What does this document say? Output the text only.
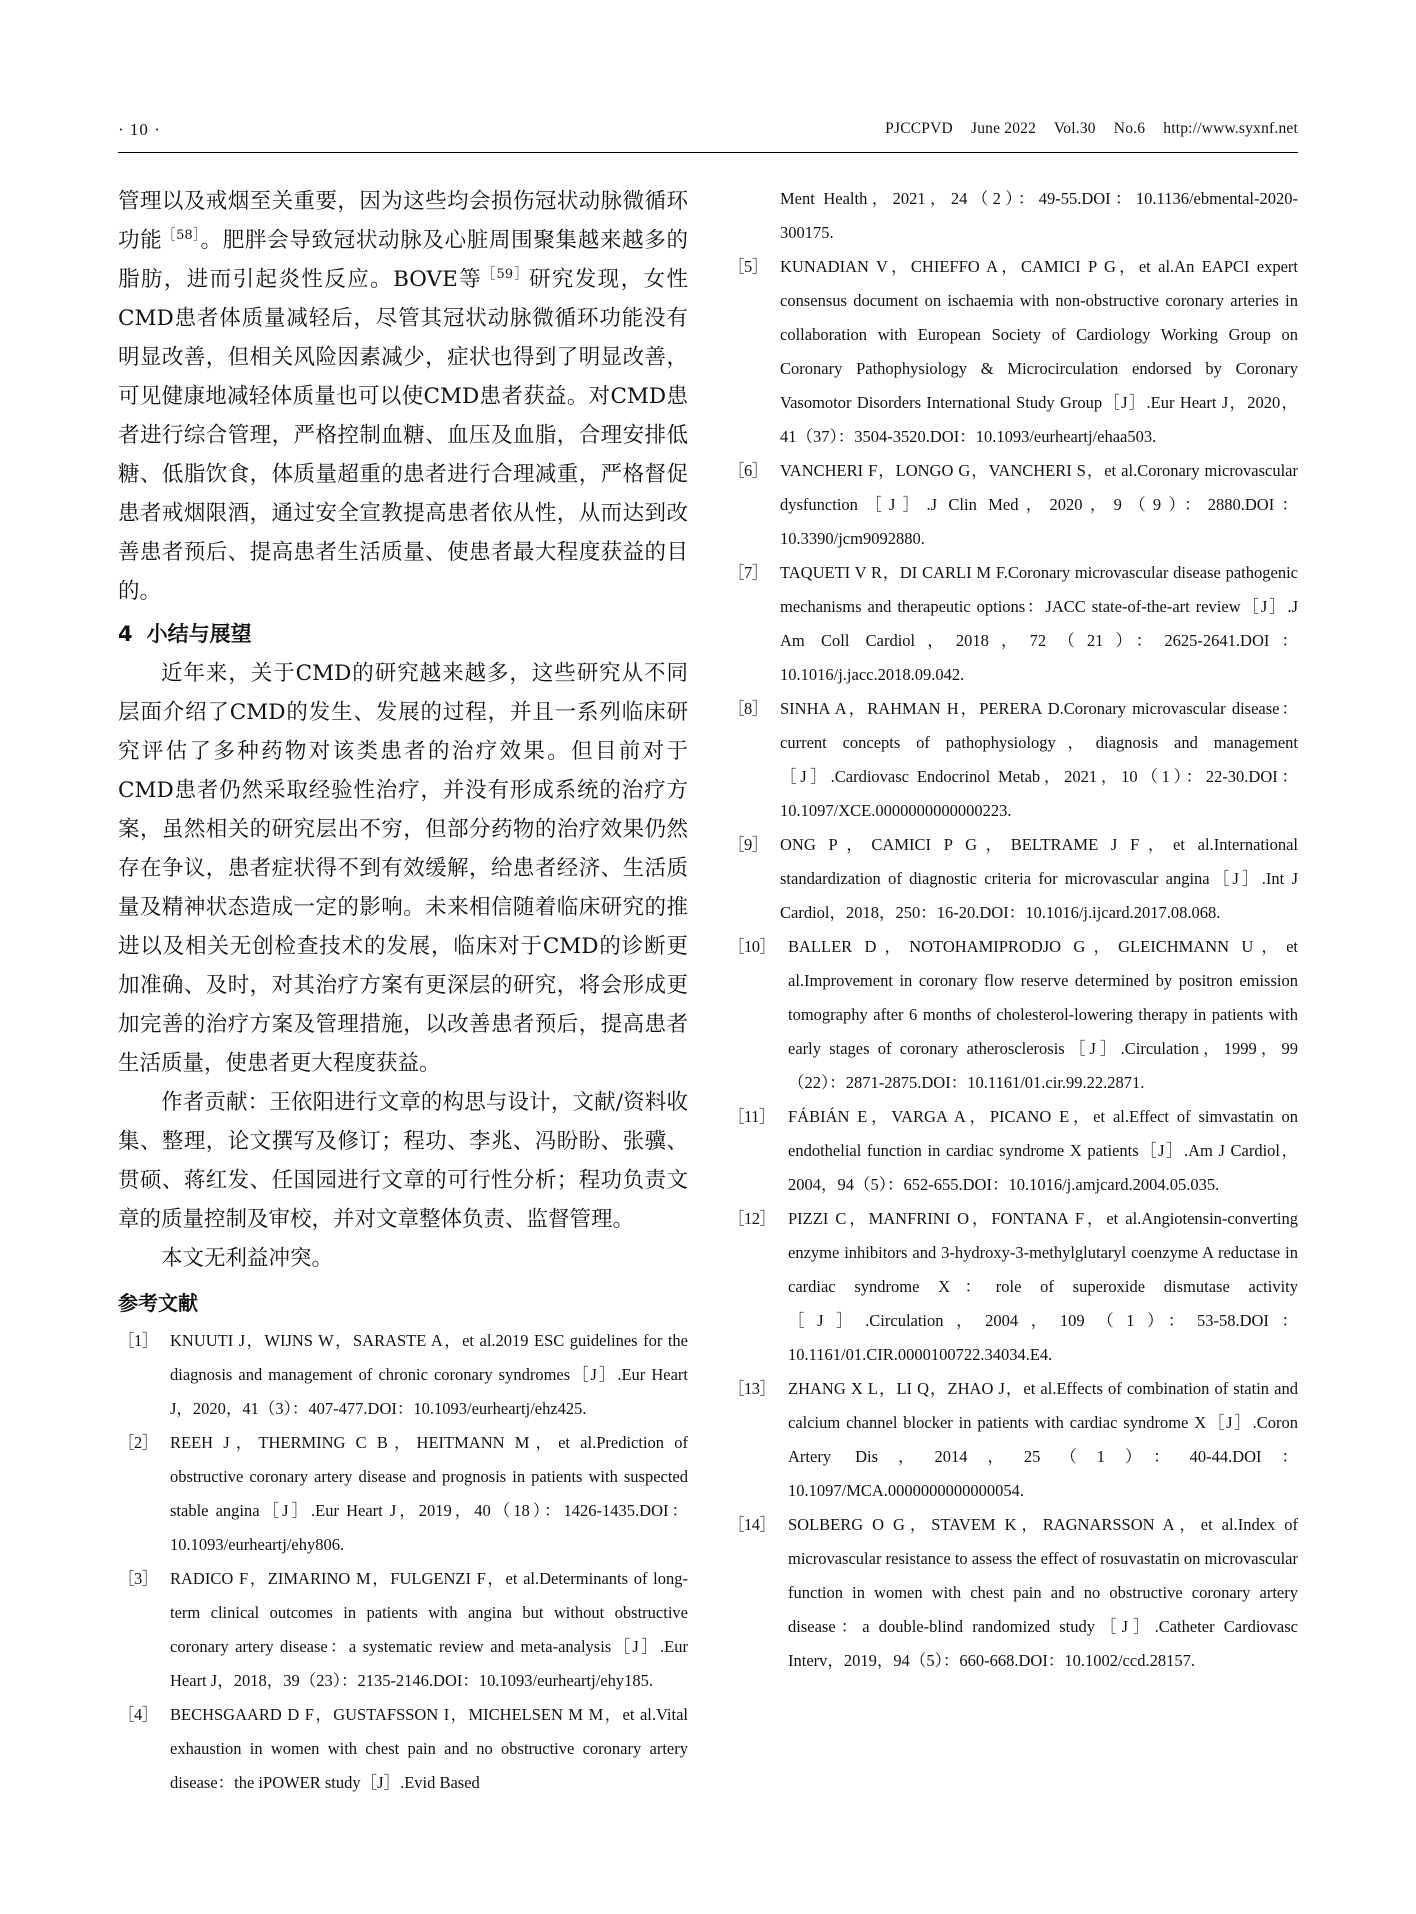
· 10 ·	PJCCPVD June 2022 Vol.30 No.6 http://www.syxnf.net

管理以及戒烟至关重要，因为这些均会损伤冠状动脉微循环功能$^{[58]}$。肥胖会导致冠状动脉及心脏周围聚集越来越多的脂肪，进而引起炎性反应。BOVE等$^{[59]}$研究发现，女性CMD患者体质量减轻后，尽管其冠状动脉微循环功能没有明显改善，但相关风险因素减少，症状也得到了明显改善，可见健康地减轻体质量也可以使CMD患者获益。对CMD患者进行综合管理，严格控制血糖、血压及血脂，合理安排低糖、低脂饮食，体质量超重的患者进行合理减重，严格督促患者戒烟限酒，通过安全宣教提高患者依从性，从而达到改善患者预后、提高患者生活质量、使患者最大程度获益的目的。

4 小结与展望

近年来，关于CMD的研究越来越多，这些研究从不同层面介绍了CMD的发生、发展的过程，并且一系列临床研究评估了多种药物对该类患者的治疗效果。但目前对于CMD患者仍然采取经验性治疗，并没有形成系统的治疗方案，虽然相关的研究层出不穷，但部分药物的治疗效果仍然存在争议，患者症状得不到有效缓解，给患者经济、生活质量及精神状态造成一定的影响。未来相信随着临床研究的推进以及相关无创检查技术的发展，临床对于CMD的诊断更加准确、及时，对其治疗方案有更深层的研究，将会形成更加完善的治疗方案及管理措施，以改善患者预后，提高患者生活质量，使患者更大程度获益。

作者贡献：王依阳进行文章的构思与设计，文献/资料收集、整理，论文撰写及修订；程功、李兆、冯盼盼、张骥、贯硕、蒋红发、任国园进行文章的可行性分析；程功负责文章的质量控制及审校，并对文章整体负责、监督管理。

本文无利益冲突。

参考文献

［1］ KNUUTI J，WIJNS W，SARASTE A，et al.2019 ESC guidelines for the diagnosis and management of chronic coronary syndromes［J］.Eur Heart J，2020，41（3）：407-477.DOI：10.1093/eurheartj/ehz425.

［2］ REEH J，THERMING C B，HEITMANN M，et al.Prediction of obstructive coronary artery disease and prognosis in patients with suspected stable angina［J］.Eur Heart J，2019，40（18）：1426-1435.DOI：10.1093/eurheartj/ehy806.

［3］ RADICO F，ZIMARINO M，FULGENZI F，et al.Determinants of long-term clinical outcomes in patients with angina but without obstructive coronary artery disease：a systematic review and meta-analysis［J］.Eur Heart J，2018，39（23）：2135-2146.DOI：10.1093/eurheartj/ehy185.

［4］ BECHSGAARD D F，GUSTAFSSON I，MICHELSEN M M，et al.Vital exhaustion in women with chest pain and no obstructive coronary artery disease：the iPOWER study［J］.Evid Based

Ment Health，2021，24（2）：49-55.DOI：10.1136/ebmental-2020-300175.

［5］ KUNADIAN V，CHIEFFO A，CAMICI P G，et al.An EAPCI expert consensus document on ischaemia with non-obstructive coronary arteries in collaboration with European Society of Cardiology Working Group on Coronary Pathophysiology & Microcirculation endorsed by Coronary Vasomotor Disorders International Study Group［J］.Eur Heart J，2020，41（37）：3504-3520.DOI：10.1093/eurheartj/ehaa503.

［6］ VANCHERI F，LONGO G，VANCHERI S，et al.Coronary microvascular dysfunction［J］.J Clin Med，2020，9（9）：2880.DOI：10.3390/jcm9092880.

［7］ TAQUETI V R，DI CARLI M F.Coronary microvascular disease pathogenic mechanisms and therapeutic options：JACC state-of-the-art review［J］.J Am Coll Cardiol，2018，72（21）：2625-2641.DOI：10.1016/j.jacc.2018.09.042.

［8］ SINHA A，RAHMAN H，PERERA D.Coronary microvascular disease：current concepts of pathophysiology，diagnosis and management［J］.Cardiovasc Endocrinol Metab，2021，10（1）：22-30.DOI：10.1097/XCE.0000000000000223.

［9］ ONG P，CAMICI P G，BELTRAME J F，et al.International standardization of diagnostic criteria for microvascular angina［J］.Int J Cardiol，2018，250：16-20.DOI：10.1016/j.ijcard.2017.08.068.

［10］ BALLER D，NOTOHAMIPRODJO G，GLEICHMANN U，et al.Improvement in coronary flow reserve determined by positron emission tomography after 6 months of cholesterol-lowering therapy in patients with early stages of coronary atherosclerosis［J］.Circulation，1999，99（22）：2871-2875.DOI：10.1161/01.cir.99.22.2871.

［11］ FÁBIÁN E，VARGA A，PICANO E，et al.Effect of simvastatin on endothelial function in cardiac syndrome X patients［J］.Am J Cardiol，2004，94（5）：652-655.DOI：10.1016/j.amjcard.2004.05.035.

［12］ PIZZI C，MANFRINI O，FONTANA F，et al.Angiotensin-converting enzyme inhibitors and 3-hydroxy-3-methylglutaryl coenzyme A reductase in cardiac syndrome X：role of superoxide dismutase activity［J］.Circulation，2004，109（1）：53-58.DOI：10.1161/01.CIR.0000100722.34034.E4.

［13］ ZHANG X L，LI Q，ZHAO J，et al.Effects of combination of statin and calcium channel blocker in patients with cardiac syndrome X［J］.Coron Artery Dis，2014，25（1）：40-44.DOI：10.1097/MCA.0000000000000054.

［14］ SOLBERG O G，STAVEM K，RAGNARSSON A，et al.Index of microvascular resistance to assess the effect of rosuvastatin on microvascular function in women with chest pain and no obstructive coronary artery disease：a double-blind randomized study［J］.Catheter Cardiovasc Interv，2019，94（5）：660-668.DOI：10.1002/ccd.28157.
